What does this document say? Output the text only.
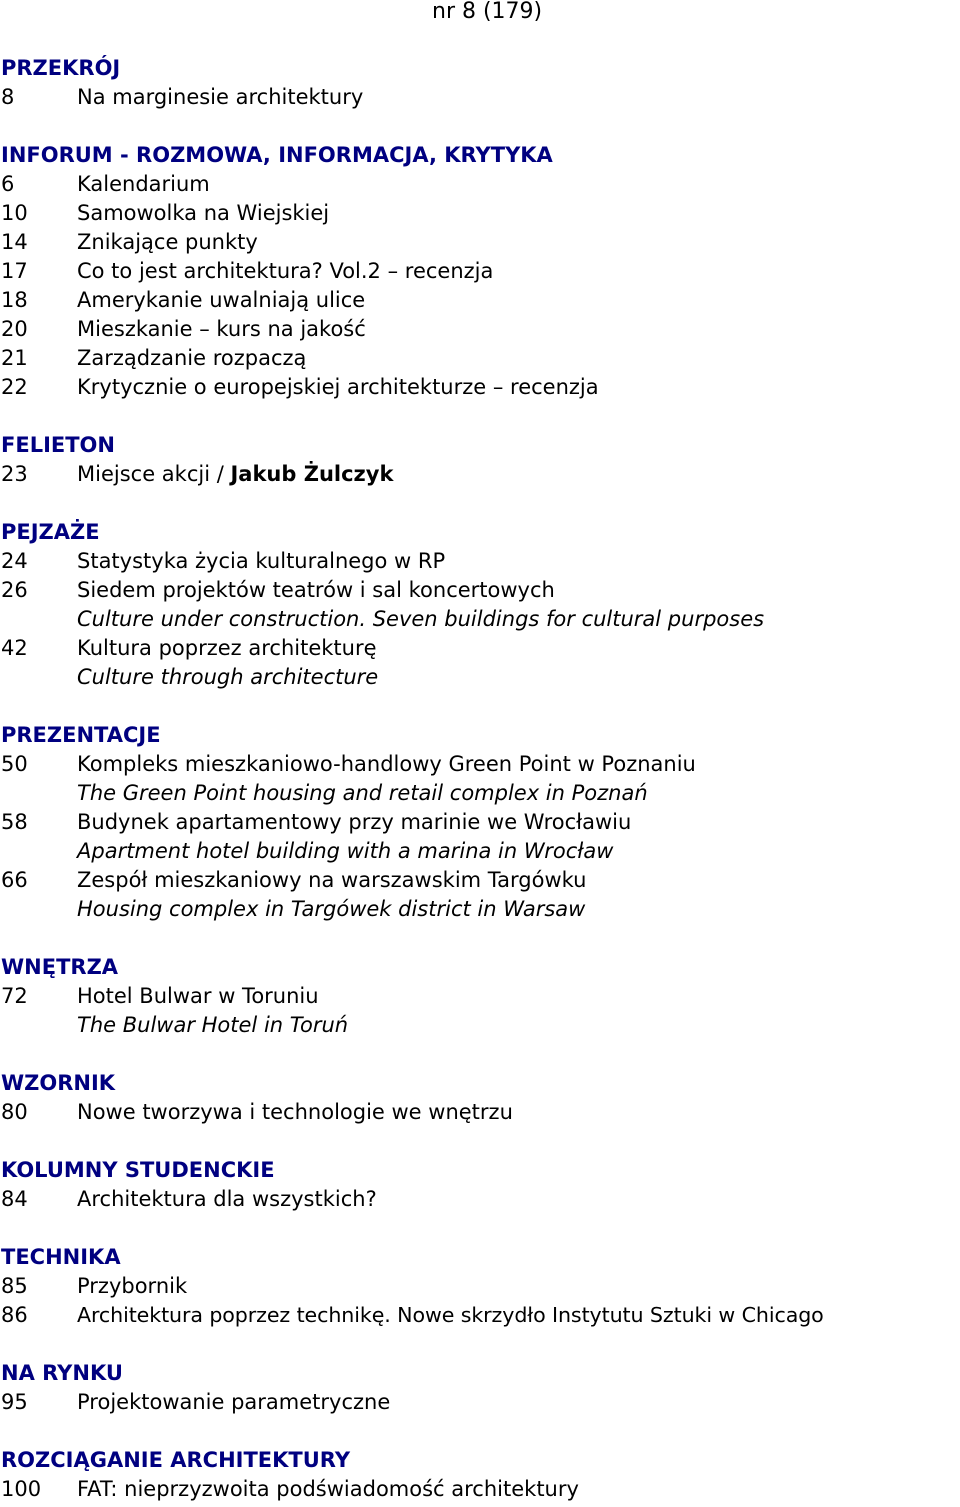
nr 8 (179)
PRZEKRÓJ
8	Na marginesie architektury
INFORUM - ROZMOWA, INFORMACJA, KRYTYKA
6	Kalendarium
10	Samowolka na Wiejskiej
14	Znikające punkty
17	Co to jest architektura? Vol.2 – recenzja
18	Amerykanie uwalniają ulice
20	Mieszkanie – kurs na jakość
21	Zarządzanie rozpaczą
22	Krytycznie o europejskiej architekturze – recenzja
FELIETON
23	Miejsce akcji / Jakub Żulczyk
PEJZAŻE
24	Statystyka życia kulturalnego w RP
26	Siedem projektów teatrów i sal koncertowych
Culture under construction. Seven buildings for cultural purposes
42	Kultura poprzez architekturę
Culture through architecture
PREZENTACJE
50	Kompleks mieszkaniowo-handlowy Green Point w Poznaniu
The Green Point housing and retail complex in Poznań
58	Budynek apartamentowy przy marinie we Wrocławiu
Apartment hotel building with a marina in Wrocław
66	Zespół mieszkaniowy na warszawskim Targówku
Housing complex in Targówek district in Warsaw
WNĘTRZA
72	Hotel Bulwar w Toruniu
The Bulwar Hotel in Toruń
WZORNIK
80	Nowe tworzywa i technologie we wnętrzu
KOLUMNY STUDENCKIE
84	Architektura dla wszystkich?
TECHNIKA
85	Przybornik
86	Architektura poprzez technikę. Nowe skrzydło Instytutu Sztuki w Chicago
NA RYNKU
95	Projektowanie parametryczne
ROZCIĄGANIE ARCHITEKTURY
100	FAT: nieprzyzwoita podświadomość architektury
